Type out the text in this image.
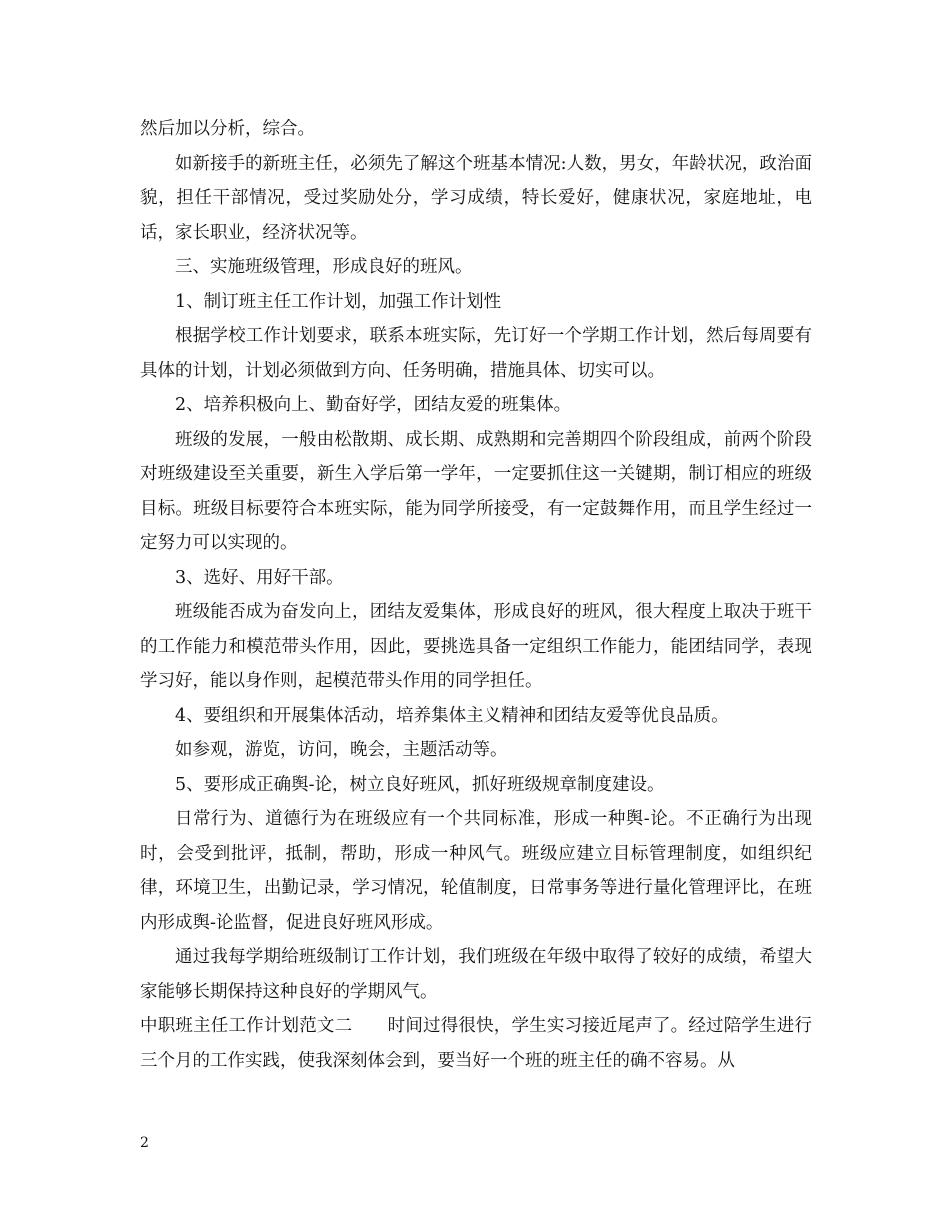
然后加以分析，综合。

如新接手的新班主任，必须先了解这个班基本情况:人数，男女，年龄状况，政治面貌，担任干部情况，受过奖励处分，学习成绩，特长爱好，健康状况，家庭地址，电话，家长职业，经济状况等。

三、实施班级管理，形成良好的班风。

1、制订班主任工作计划，加强工作计划性

根据学校工作计划要求，联系本班实际，先订好一个学期工作计划，然后每周要有具体的计划，计划必须做到方向、任务明确，措施具体、切实可以。

2、培养积极向上、勤奋好学，团结友爱的班集体。

班级的发展，一般由松散期、成长期、成熟期和完善期四个阶段组成，前两个阶段对班级建设至关重要，新生入学后第一学年，一定要抓住这一关键期，制订相应的班级目标。班级目标要符合本班实际，能为同学所接受，有一定鼓舞作用，而且学生经过一定努力可以实现的。

3、选好、用好干部。

班级能否成为奋发向上，团结友爱集体，形成良好的班风，很大程度上取决于班干的工作能力和模范带头作用，因此，要挑选具备一定组织工作能力，能团结同学，表现学习好，能以身作则，起模范带头作用的同学担任。

4、要组织和开展集体活动，培养集体主义精神和团结友爱等优良品质。

如参观，游览，访问，晚会，主题活动等。

5、要形成正确舆-论，树立良好班风，抓好班级规章制度建设。

日常行为、道德行为在班级应有一个共同标准，形成一种舆-论。不正确行为出现时，会受到批评，抵制，帮助，形成一种风气。班级应建立目标管理制度，如组织纪律，环境卫生，出勤记录，学习情况，轮值制度，日常事务等进行量化管理评比，在班内形成舆-论监督，促进良好班风形成。

通过我每学期给班级制订工作计划，我们班级在年级中取得了较好的成绩，希望大家能够长期保持这种良好的学期风气。

中职班主任工作计划范文二　　时间过得很快，学生实习接近尾声了。经过陪学生进行三个月的工作实践，使我深刻体会到，要当好一个班的班主任的确不容易。从

2
